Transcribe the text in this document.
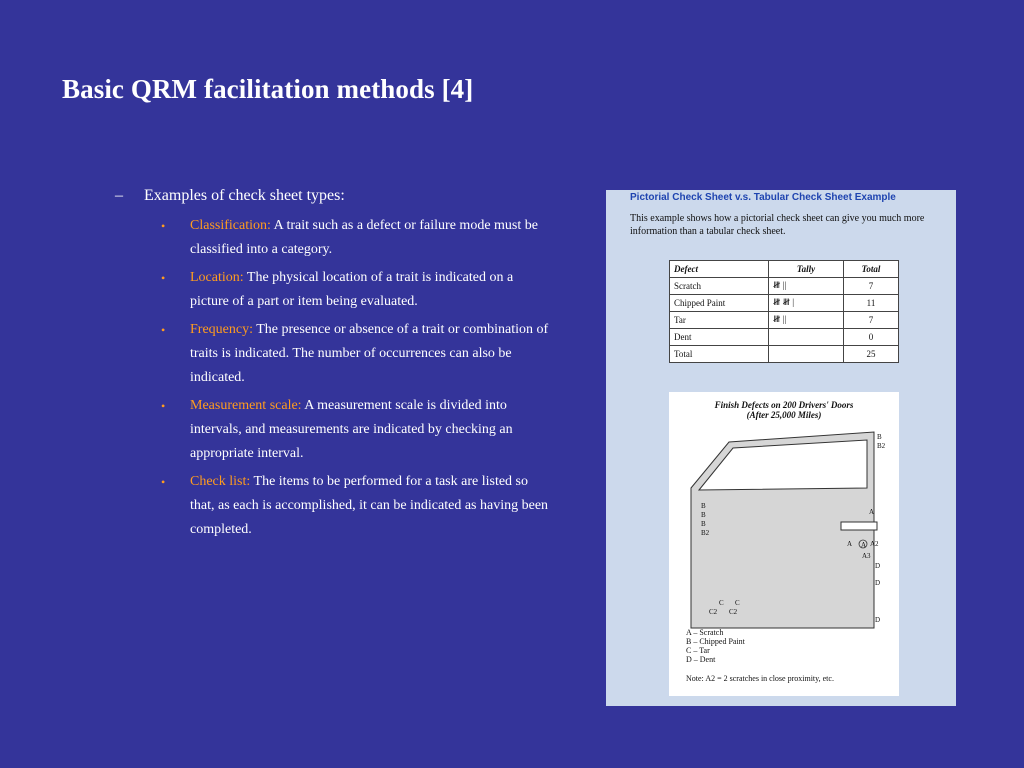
Basic QRM facilitation methods [4]
– Examples of check sheet types:
• Classification: A trait such as a defect or failure mode must be classified into a category.
• Location: The physical location of a trait is indicated on a picture of a part or item being evaluated.
• Frequency: The presence or absence of a trait or combination of traits is indicated. The number of occurrences can also be indicated.
• Measurement scale: A measurement scale is divided into intervals, and measurements are indicated by checking an appropriate interval.
• Check list: The items to be performed for a task are listed so that, as each is accomplished, it can be indicated as having been completed.
Pictorial Check Sheet v.s. Tabular Check Sheet Example
This example shows how a pictorial check sheet can give you much more information than a tabular check sheet.
Defect	Tally	Total
Scratch	𝍸 ||	7
Chipped Paint	𝍸 𝍸 |	11
Tar	𝍸 ||	7
Dent		0
Total		25
Finish Defects on 200 Drivers' Doors
(After 25,000 Miles)
B
B2
B
B
B
B2
A
A A A2
A3
D
D
D
C C
C2 C2
A – Scratch
B – Chipped Paint
C – Tar
D – Dent
Note: A2 = 2 scratches in close proximity, etc.
